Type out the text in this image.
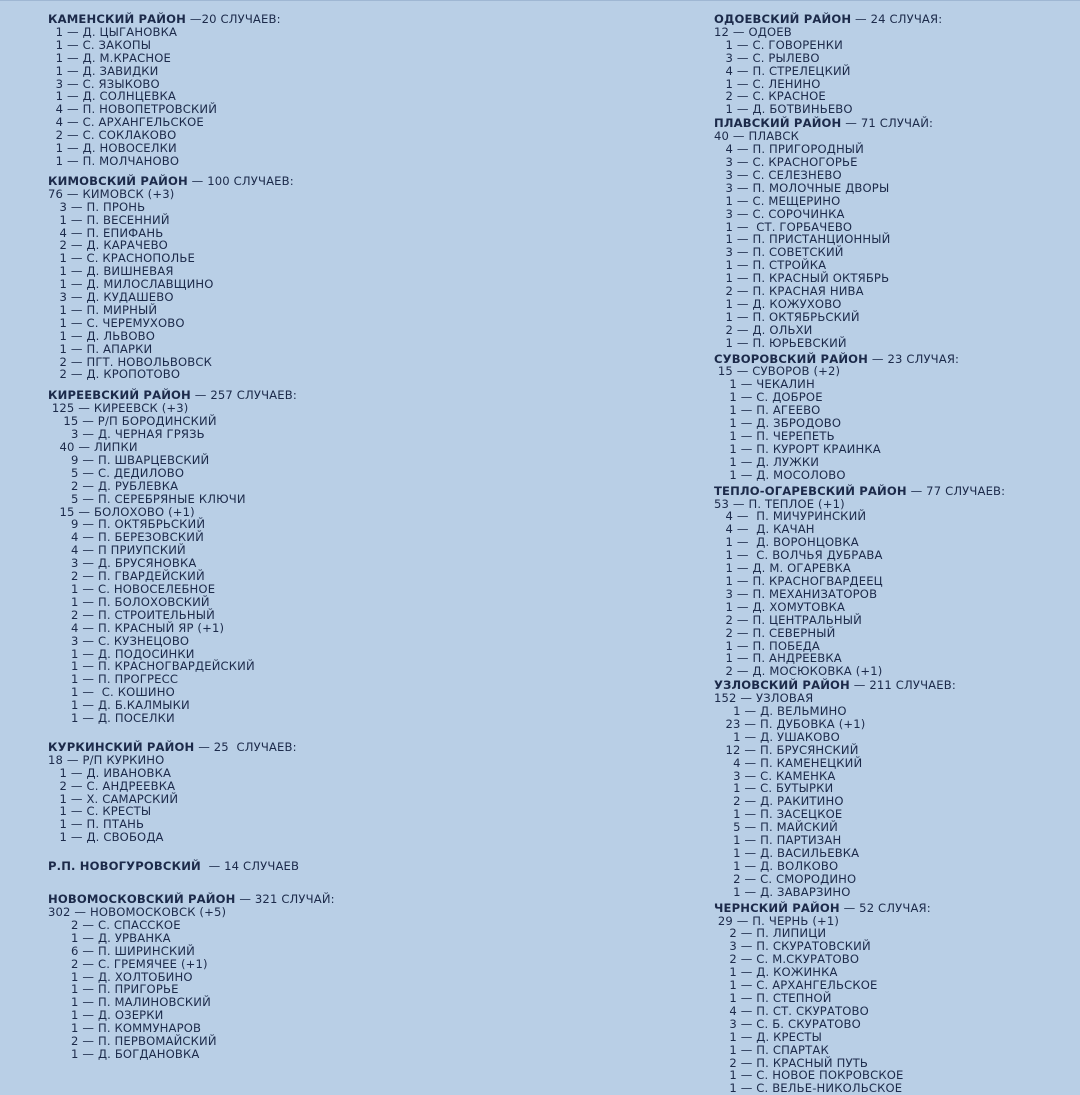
КАМЕНСКИЙ РАЙОН —20 СЛУЧАЕВ:
1 — Д. ЦЫГАНОВКА
1 — С. ЗАКОПЫ
1 — Д. М.КРАСНОЕ
1 — Д. ЗАВИДКИ
3 — С. ЯЗЫКОВО
1 — Д. СОЛНЦЕВКА
4 — П. НОВОПЕТРОВСКИЙ
4 — С. АРХАНГЕЛЬСКОЕ
2 — С. СОКЛАКОВО
1 — Д. НОВОСЕЛКИ
1 — П. МОЛЧАНОВО
КИМОВСКИЙ РАЙОН — 100 СЛУЧАЕВ:
76 — КИМОВСК (+3)
3 — П. ПРОНЬ
1 — П. ВЕСЕННИЙ
4 — П. ЕПИФАНЬ
2 — Д. КАРАЧЕВО
1 — С. КРАСНОПОЛЬЕ
1 — Д. ВИШНЕВАЯ
1 — Д. МИЛОСЛАВЩИНО
3 — Д. КУДАШЕВО
1 — П. МИРНЫЙ
1 — С. ЧЕРЕМУХОВО
1 — Д. ЛЬВОВО
1 — П. АПАРКИ
2 — ПГТ. НОВОЛЬВОВСК
2 — Д. КРОПОТОВО
КИРЕЕВСКИЙ РАЙОН — 257 СЛУЧАЕВ:
125 — КИРЕЕВСК (+3)
15 — Р/П БОРОДИНСКИЙ
3 — Д. ЧЕРНАЯ ГРЯЗЬ
40 — ЛИПКИ
9 — П. ШВАРЦЕВСКИЙ
5 — С. ДЕДИЛОВО
2 — Д. РУБЛЕВКА
5 — П. СЕРЕБРЯНЫЕ КЛЮЧИ
15 — БОЛОХОВО (+1)
9 — П. ОКТЯБРЬСКИЙ
4 — П. БЕРЕЗОВСКИЙ
4 — П ПРИУПСКИЙ
3 — Д. БРУСЯНОВКА
2 — П. ГВАРДЕЙСКИЙ
1 — С. НОВОСЕЛЕБНОЕ
1 — П. БОЛОХОВСКИЙ
2 — П. СТРОИТЕЛЬНЫЙ
4 — П. КРАСНЫЙ ЯР (+1)
3 — С. КУЗНЕЦОВО
1 — Д. ПОДОСИНКИ
1 — П. КРАСНОГВАРДЕЙСКИЙ
1 — П. ПРОГРЕСС
1 —  С. КОШИНО
1 — Д. Б.КАЛМЫКИ
1 — Д. ПОСЕЛКИ
КУРКИНСКИЙ РАЙОН — 25  СЛУЧАЕВ:
18 — Р/П КУРКИНО
1 — Д. ИВАНОВКА
2 — С. АНДРЕЕВКА
1 — Х. САМАРСКИЙ
1 — С. КРЕСТЫ
1 — П. ПТАНЬ
1 — Д. СВОБОДА
Р.П. НОВОГУРОВСКИЙ  — 14 СЛУЧАЕВ
НОВОМОСКОВСКИЙ РАЙОН — 321 СЛУЧАЙ:
302 — НОВОМОСКОВСК (+5)
2 — С. СПАССКОЕ
1 — Д. УРВАНКА
6 — П. ШИРИНСКИЙ
2 — С. ГРЕМЯЧЕЕ (+1)
1 — Д. ХОЛТОБИНО
1 — П. ПРИГОРЬЕ
1 — П. МАЛИНОВСКИЙ
1 — Д. ОЗЕРКИ
1 — П. КОММУНАРОВ
2 — П. ПЕРВОМАЙСКИЙ
1 — Д. БОГДАНОВКА
ОДОЕВСКИЙ РАЙОН — 24 СЛУЧАЯ:
12 — ОДОЕВ
1 — С. ГОВОРЕНКИ
3 — С. РЫЛЕВО
4 — П. СТРЕЛЕЦКИЙ
1 — С. ЛЕНИНО
2 — С. КРАСНОЕ
1 — Д. БОТВИНЬЕВО
ПЛАВСКИЙ РАЙОН — 71 СЛУЧАЙ:
40 — ПЛАВСК
4 — П. ПРИГОРОДНЫЙ
3 — С. КРАСНОГОРЬЕ
3 — С. СЕЛЕЗНЕВО
3 — П. МОЛОЧНЫЕ ДВОРЫ
1 — С. МЕЩЕРИНО
3 — С. СОРОЧИНКА
1 —  СТ. ГОРБАЧЕВО
1 — П. ПРИСТАНЦИОННЫЙ
3 — П. СОВЕТСКИЙ
1 — П. СТРОЙКА
1 — П. КРАСНЫЙ ОКТЯБРЬ
2 — П. КРАСНАЯ НИВА
1 — Д. КОЖУХОВО
1 — П. ОКТЯБРЬСКИЙ
2 — Д. ОЛЬХИ
1 — П. ЮРЬЕВСКИЙ
СУВОРОВСКИЙ РАЙОН — 23 СЛУЧАЯ:
15 — СУВОРОВ (+2)
1 — ЧЕКАЛИН
1 — С. ДОБРОЕ
1 — П. АГЕЕВО
1 — Д. ЗБРОДОВО
1 — П. ЧЕРЕПЕТЬ
1 — П. КУРОРТ КРАИНКА
1 — Д. ЛУЖКИ
1 — Д. МОСОЛОВО
ТЕПЛО-ОГАРЕВСКИЙ РАЙОН — 77 СЛУЧАЕВ:
53 — П. ТЕПЛОЕ (+1)
4 —  П. МИЧУРИНСКИЙ
4 —  Д. КАЧАН
1 —  Д. ВОРОНЦОВКА
1 —  С. ВОЛЧЬЯ ДУБРАВА
1 — Д. М. ОГАРЕВКА
1 — П. КРАСНОГВАРДЕЕЦ
3 — П. МЕХАНИЗАТОРОВ
1 — Д. ХОМУТОВКА
2 — П. ЦЕНТРАЛЬНЫЙ
2 — П. СЕВЕРНЫЙ
1 — П. ПОБЕДА
1 — П. АНДРЕЕВКА
2 — Д. МОСЮКОВКА (+1)
УЗЛОВСКИЙ РАЙОН — 211 СЛУЧАЕВ:
152 — УЗЛОВАЯ
1 — Д. ВЕЛЬМИНО
23 — П. ДУБОВКА (+1)
1 — Д. УШАКОВО
12 — П. БРУСЯНСКИЙ
4 — П. КАМЕНЕЦКИЙ
3 — С. КАМЕНКА
1 — С. БУТЫРКИ
2 — Д. РАКИТИНО
1 — П. ЗАСЕЦКОЕ
5 — П. МАЙСКИЙ
1 — П. ПАРТИЗАН
1 — Д. ВАСИЛЬЕВКА
1 — Д. ВОЛКОВО
2 — С. СМОРОДИНО
1 — Д. ЗАВАРЗИНО
ЧЕРНСКИЙ РАЙОН — 52 СЛУЧАЯ:
29 — П. ЧЕРНЬ (+1)
2 — П. ЛИПИЦИ
3 — П. СКУРАТОВСКИЙ
2 — С. М.СКУРАТОВО
1 — Д. КОЖИНКА
1 — С. АРХАНГЕЛЬСКОЕ
1 — П. СТЕПНОЙ
4 — П. СТ. СКУРАТОВО
3 — С. Б. СКУРАТОВО
1 — Д. КРЕСТЫ
1 — П. СПАРТАК
2 — П. КРАСНЫЙ ПУТЬ
1 — С. НОВОЕ ПОКРОВСКОЕ
1 — С. ВЕЛЬЕ-НИКОЛЬСКОЕ
